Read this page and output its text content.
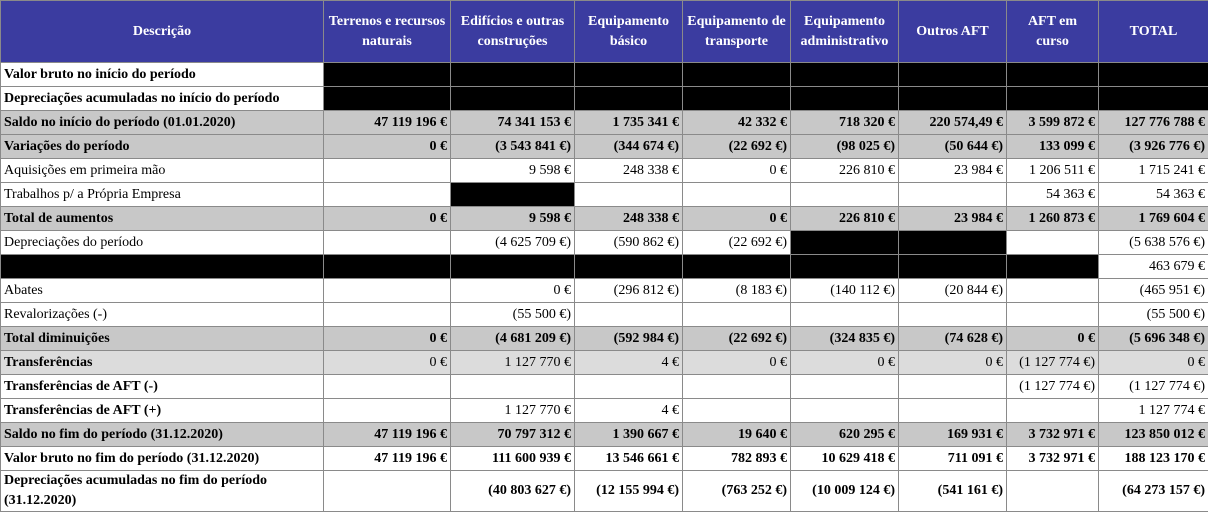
Descrição	Terrenos e recursos naturais	Edifícios e outras construções	Equipamento básico	Equipamento de transporte	Equipamento administrativo	Outros AFT	AFT em curso	TOTAL
Valor bruto no início do período								
Depreciações acumuladas no início do período								
Saldo no início do período (01.01.2020)	47 119 196 €	74 341 153 €	1 735 341 €	42 332 €	718 320 €	220 574,49 €	3 599 872 €	127 776 788 €
Variações do período	0 €	(3 543 841 €)	(344 674 €)	(22 692 €)	(98 025 €)	(50 644 €)	133 099 €	(3 926 776 €)
Aquisições em primeira mão		9 598 €	248 338 €	0 €	226 810 €	23 984 €	1 206 511 €	1 715 241 €
Trabalhos p/ a Própria Empresa							54 363 €	54 363 €
Total de aumentos	0 €	9 598 €	248 338 €	0 €	226 810 €	23 984 €	1 260 873 €	1 769 604 €
Depreciações do período		(4 625 709 €)	(590 862 €)	(22 692 €)				(5 638 576 €)
								463 679 €
Abates		0 €	(296 812 €)	(8 183 €)	(140 112 €)	(20 844 €)		(465 951 €)
Revalorizações (-)		(55 500 €)						(55 500 €)
Total diminuições	0 €	(4 681 209 €)	(592 984 €)	(22 692 €)	(324 835 €)	(74 628 €)	0 €	(5 696 348 €)
Transferências	0 €	1 127 770 €	4 €	0 €	0 €	0 €	(1 127 774 €)	0 €
Transferências de AFT (-)							(1 127 774 €)	(1 127 774 €)
Transferências de AFT (+)		1 127 770 €	4 €					1 127 774 €
Saldo no fim do período (31.12.2020)	47 119 196 €	70 797 312 €	1 390 667 €	19 640 €	620 295 €	169 931 €	3 732 971 €	123 850 012 €
Valor bruto no fim do período (31.12.2020)	47 119 196 €	111 600 939 €	13 546 661 €	782 893 €	10 629 418 €	711 091 €	3 732 971 €	188 123 170 €
Depreciações acumuladas no fim do período (31.12.2020)		(40 803 627 €)	(12 155 994 €)	(763 252 €)	(10 009 124 €)	(541 161 €)		(64 273 157 €)
